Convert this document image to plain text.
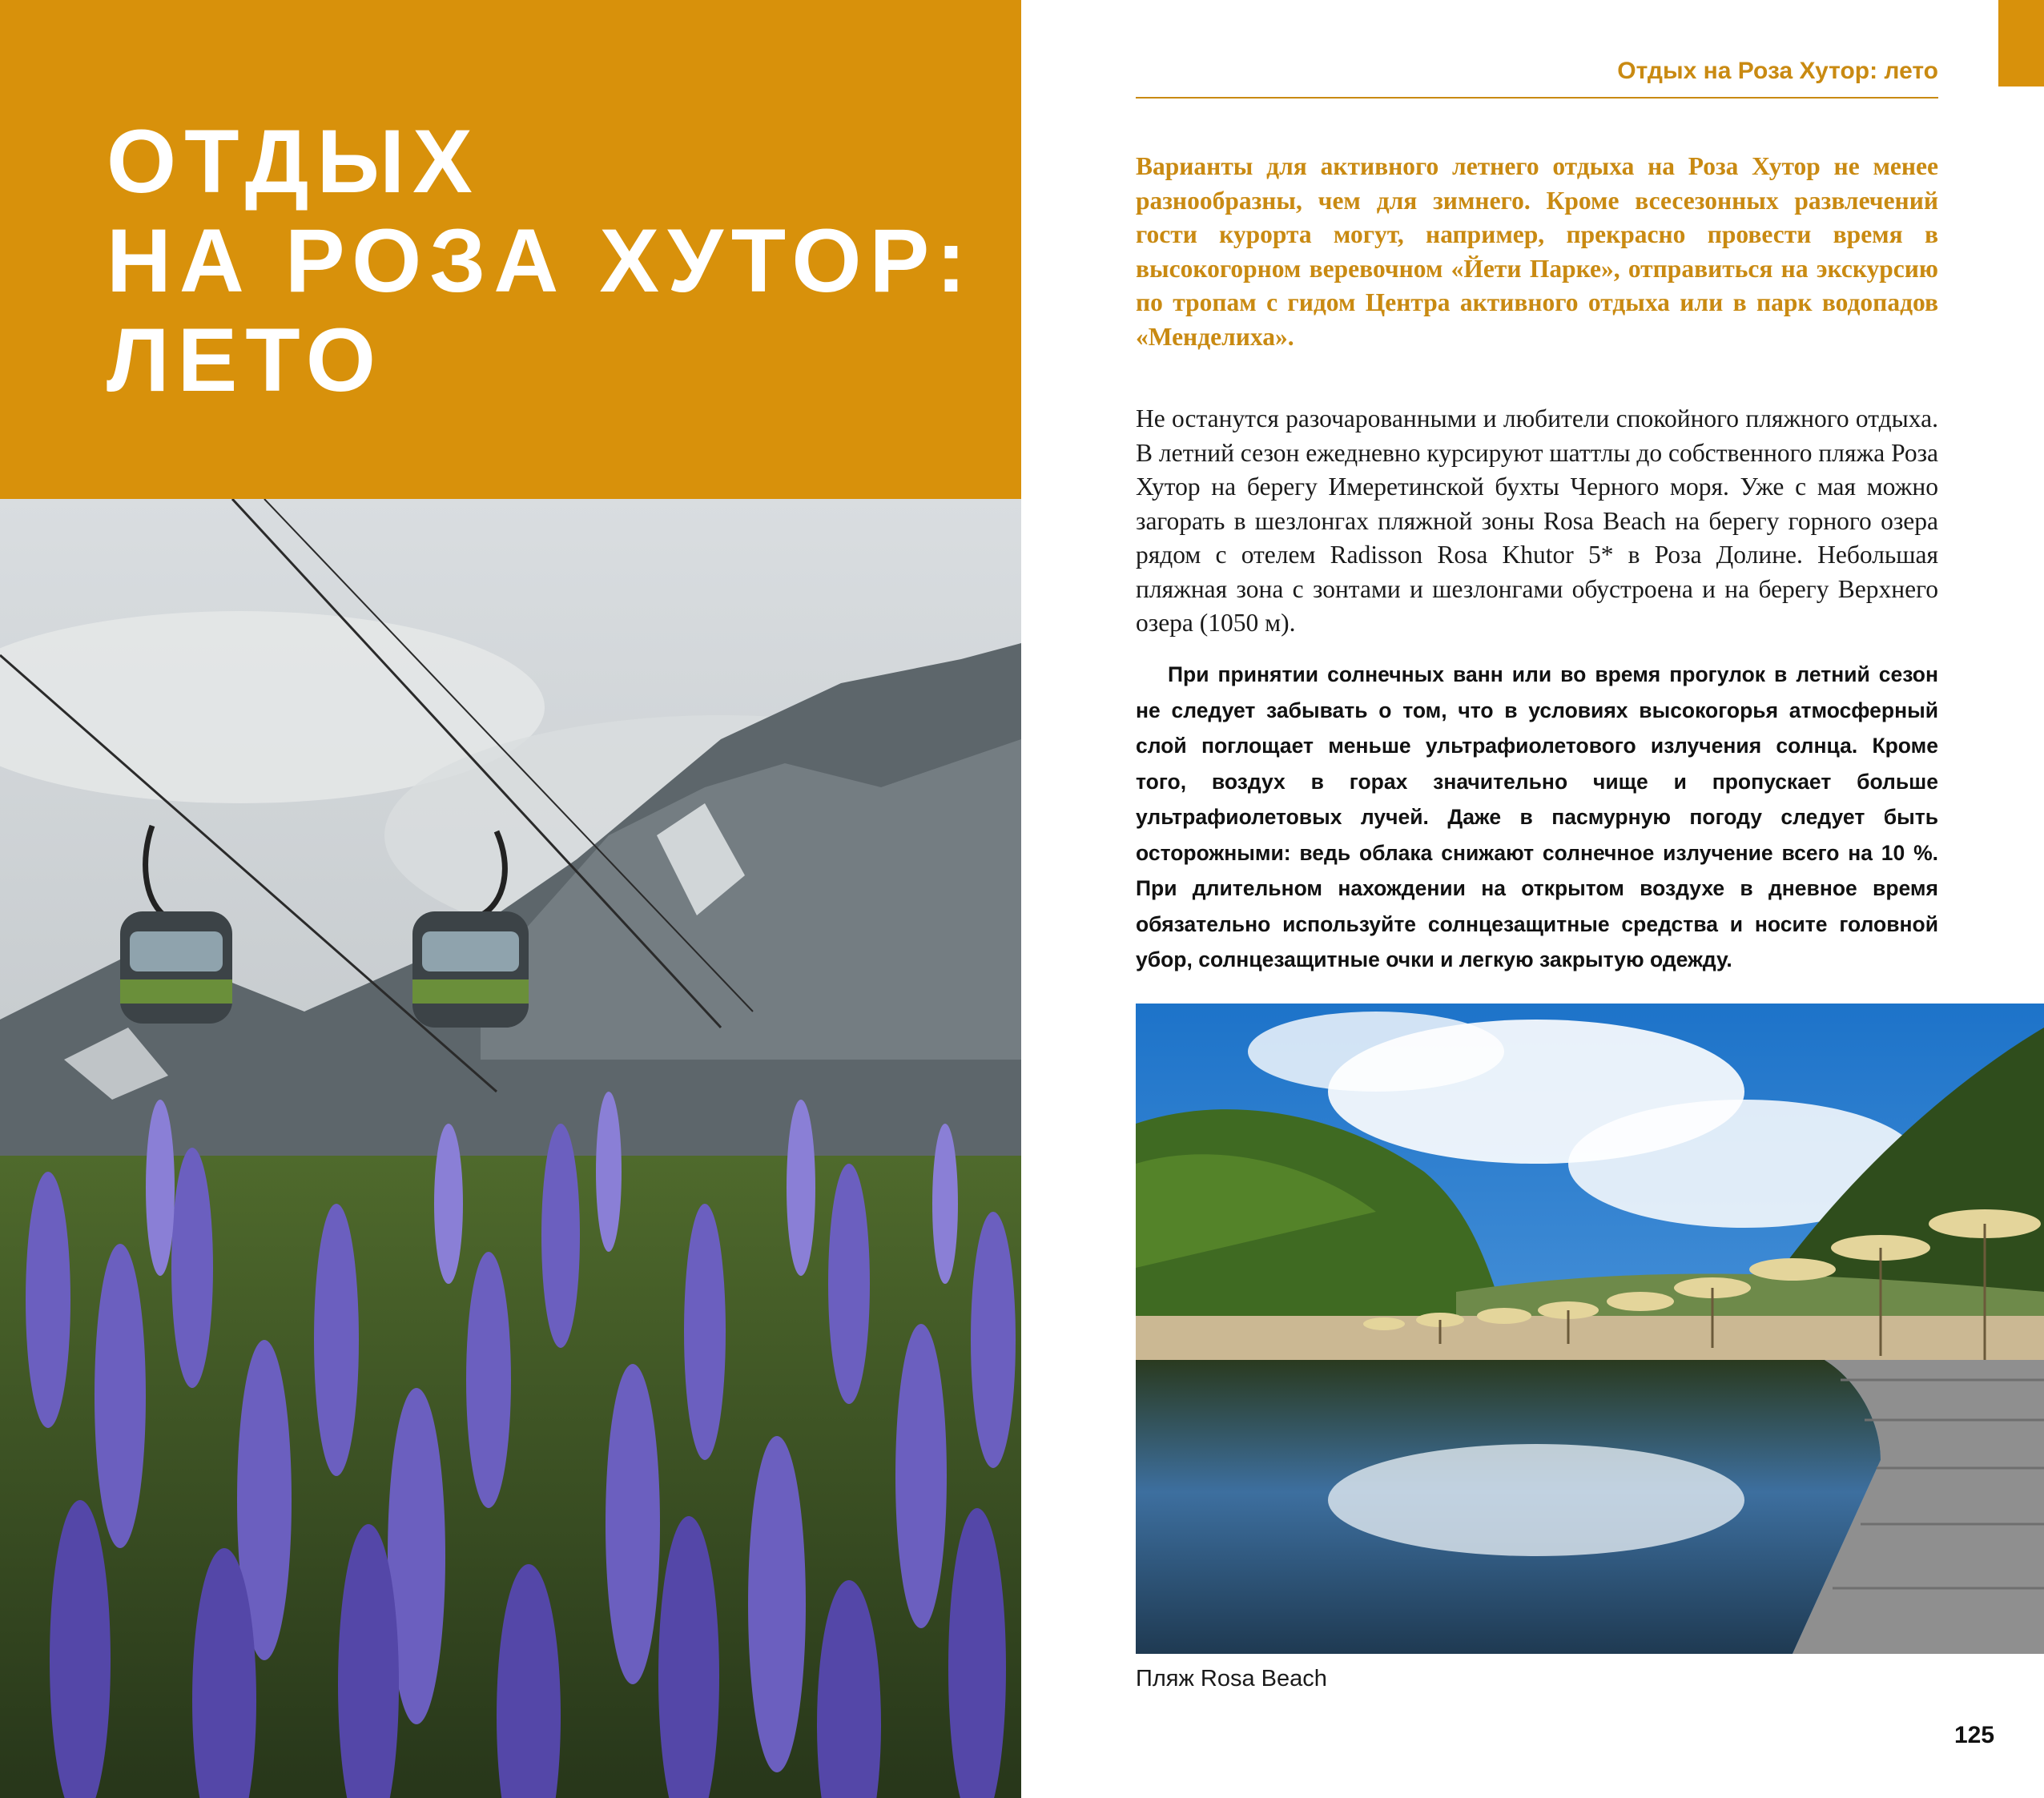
ОТДЫХ
НА РОЗА ХУТОР:
ЛЕТО
Отдых на Роза Хутор: лето

Варианты для активного летнего отдыха на Роза Хутор не менее разнообразны, чем для зимнего. Кроме всесезонных развлечений гости курорта могут, например, прекрасно провести время в высокогорном веревочном «Йети Парке», отправиться на экскурсию по тропам с гидом Центра активного отдыха или в парк водопадов «Менделиха».

Не останутся разочарованными и любители спокойного пляжного отдыха. В летний сезон ежедневно курсируют шаттлы до собственного пляжа Роза Хутор на берегу Имеретинской бухты Черного моря. Уже с мая можно загорать в шезлонгах пляжной зоны Rosa Beach на берегу горного озера рядом с отелем Radisson Rosa Khutor 5* в Роза Долине. Небольшая пляжная зона с зонтами и шезлонгами обустроена и на берегу Верхнего озера (1050 м).

При принятии солнечных ванн или во время прогулок в летний сезон не следует забывать о том, что в условиях высокогорья атмосферный слой поглощает меньше ультрафиолетового излучения солнца. Кроме того, воздух в горах значительно чище и пропускает больше ультрафиолетовых лучей. Даже в пасмурную погоду следует быть осторожными: ведь облака снижают солнечное излучение всего на 10 %. При длительном нахождении на открытом воздухе в дневное время обязательно используйте солнцезащитные средства и носите головной убор, солнцезащитные очки и легкую закрытую одежду.

Пляж Rosa Beach
125
